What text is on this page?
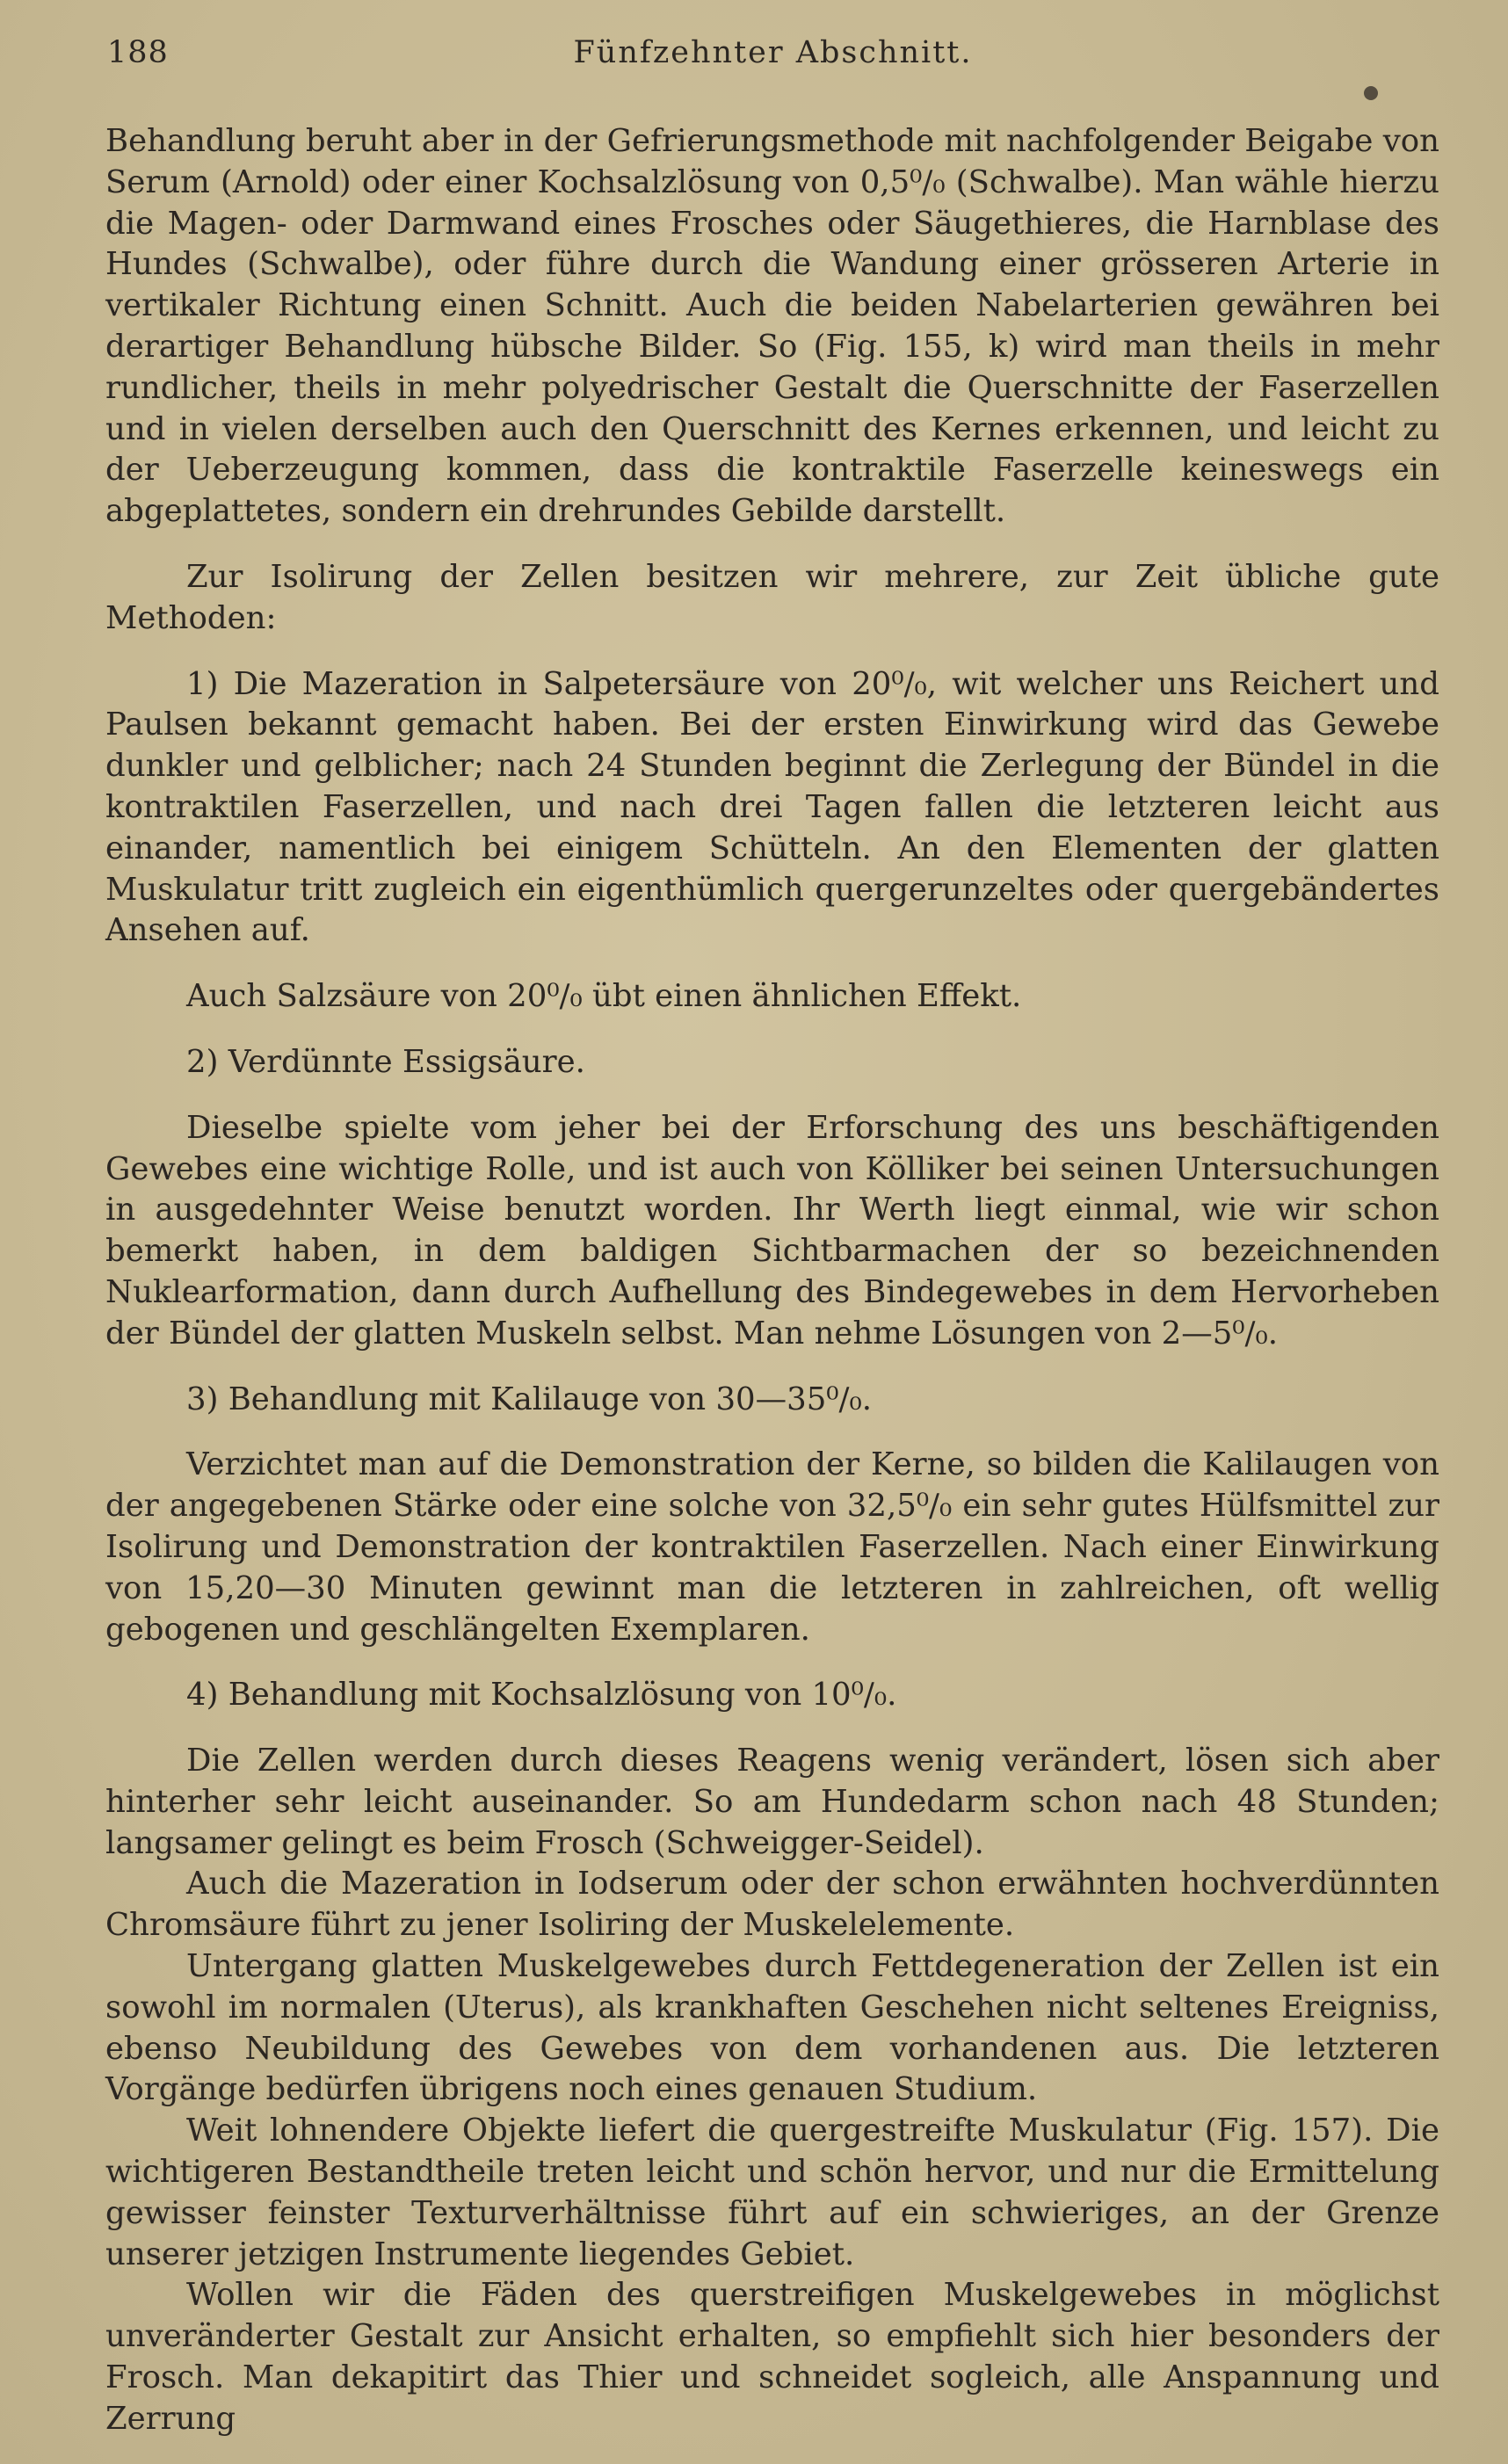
188	Fünfzehnter Abschnitt.

Behandlung beruht aber in der Gefrierungsmethode mit nachfolgender Beigabe von Serum (Arnold) oder einer Kochsalzlösung von 0,5⁰/₀ (Schwalbe). Man wähle hierzu die Magen- oder Darmwand eines Frosches oder Säugethieres, die Harnblase des Hundes (Schwalbe), oder führe durch die Wandung einer grösseren Arterie in vertikaler Richtung einen Schnitt. Auch die beiden Nabelarterien gewähren bei derartiger Behandlung hübsche Bilder. So (Fig. 155, k) wird man theils in mehr rundlicher, theils in mehr polyedrischer Gestalt die Querschnitte der Faserzellen und in vielen derselben auch den Querschnitt des Kernes erkennen, und leicht zu der Ueberzeugung kommen, dass die kontraktile Faserzelle keineswegs ein abgeplattetes, sondern ein drehrundes Gebilde darstellt.

Zur Isolirung der Zellen besitzen wir mehrere, zur Zeit übliche gute Methoden:

1) Die Mazeration in Salpetersäure von 20⁰/₀, wit welcher uns Reichert und Paulsen bekannt gemacht haben. Bei der ersten Einwirkung wird das Gewebe dunkler und gelblicher; nach 24 Stunden beginnt die Zerlegung der Bündel in die kontraktilen Faserzellen, und nach drei Tagen fallen die letzteren leicht aus einander, namentlich bei einigem Schütteln. An den Elementen der glatten Muskulatur tritt zugleich ein eigenthümlich quergerunzeltes oder quergebändertes Ansehen auf.

Auch Salzsäure von 20⁰/₀ übt einen ähnlichen Effekt.

2) Verdünnte Essigsäure.

Dieselbe spielte vom jeher bei der Erforschung des uns beschäftigenden Gewebes eine wichtige Rolle, und ist auch von Kölliker bei seinen Untersuchungen in ausgedehnter Weise benutzt worden. Ihr Werth liegt einmal, wie wir schon bemerkt haben, in dem baldigen Sichtbarmachen der so bezeichnenden Nuklearformation, dann durch Aufhellung des Bindegewebes in dem Hervorheben der Bündel der glatten Muskeln selbst. Man nehme Lösungen von 2—5⁰/₀.

3) Behandlung mit Kalilauge von 30—35⁰/₀.

Verzichtet man auf die Demonstration der Kerne, so bilden die Kalilaugen von der angegebenen Stärke oder eine solche von 32,5⁰/₀ ein sehr gutes Hülfsmittel zur Isolirung und Demonstration der kontraktilen Faserzellen. Nach einer Einwirkung von 15,20—30 Minuten gewinnt man die letzteren in zahlreichen, oft wellig gebogenen und geschlängelten Exemplaren.

4) Behandlung mit Kochsalzlösung von 10⁰/₀.

Die Zellen werden durch dieses Reagens wenig verändert, lösen sich aber hinterher sehr leicht auseinander. So am Hundedarm schon nach 48 Stunden; langsamer gelingt es beim Frosch (Schweigger-Seidel).

Auch die Mazeration in Iodserum oder der schon erwähnten hochverdünnten Chromsäure führt zu jener Isoliring der Muskelelemente.

Untergang glatten Muskelgewebes durch Fettdegeneration der Zellen ist ein sowohl im normalen (Uterus), als krankhaften Geschehen nicht seltenes Ereigniss, ebenso Neubildung des Gewebes von dem vorhandenen aus. Die letzteren Vorgänge bedürfen übrigens noch eines genauen Studium.

Weit lohnendere Objekte liefert die quergestreifte Muskulatur (Fig. 157). Die wichtigeren Bestandtheile treten leicht und schön hervor, und nur die Ermittelung gewisser feinster Texturverhältnisse führt auf ein schwieriges, an der Grenze unserer jetzigen Instrumente liegendes Gebiet.

Wollen wir die Fäden des querstreifigen Muskelgewebes in möglichst unveränderter Gestalt zur Ansicht erhalten, so empfiehlt sich hier besonders der Frosch. Man dekapitirt das Thier und schneidet sogleich, alle Anspannung und Zerrung
